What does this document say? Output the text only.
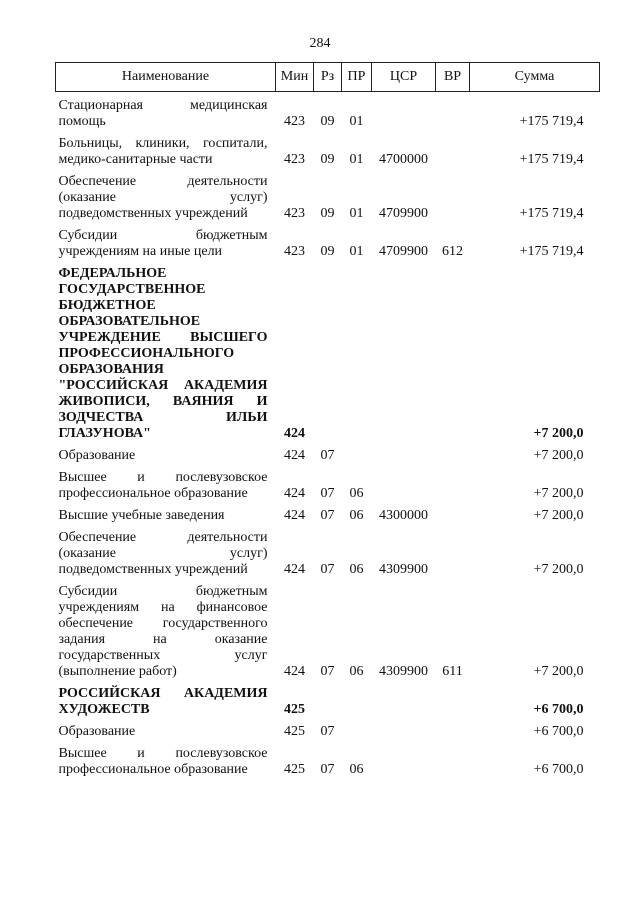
284
Наименование	Мин	Рз	ПР	ЦСР	ВР	Сумма
Стационарная медицинская помощь	423	09	01			+175 719,4
Больницы, клиники, госпитали, медико-санитарные части	423	09	01	4700000		+175 719,4
Обеспечение деятельности (оказание услуг) подведомственных учреждений	423	09	01	4709900		+175 719,4
Субсидии бюджетным учреждениям на иные цели	423	09	01	4709900	612	+175 719,4
ФЕДЕРАЛЬНОЕ ГОСУДАРСТВЕННОЕ БЮДЖЕТНОЕ ОБРАЗОВАТЕЛЬНОЕ УЧРЕЖДЕНИЕ ВЫСШЕГО ПРОФЕССИОНАЛЬНОГО ОБРАЗОВАНИЯ "РОССИЙСКАЯ АКАДЕМИЯ ЖИВОПИСИ, ВАЯНИЯ И ЗОДЧЕСТВА ИЛЬИ ГЛАЗУНОВА"	424					+7 200,0
Образование	424	07				+7 200,0
Высшее и послевузовское профессиональное образование	424	07	06			+7 200,0
Высшие учебные заведения	424	07	06	4300000		+7 200,0
Обеспечение деятельности (оказание услуг) подведомственных учреждений	424	07	06	4309900		+7 200,0
Субсидии бюджетным учреждениям на финансовое обеспечение государственного задания на оказание государственных услуг (выполнение работ)	424	07	06	4309900	611	+7 200,0
РОССИЙСКАЯ АКАДЕМИЯ ХУДОЖЕСТВ	425					+6 700,0
Образование	425	07				+6 700,0
Высшее и послевузовское профессиональное образование	425	07	06			+6 700,0
